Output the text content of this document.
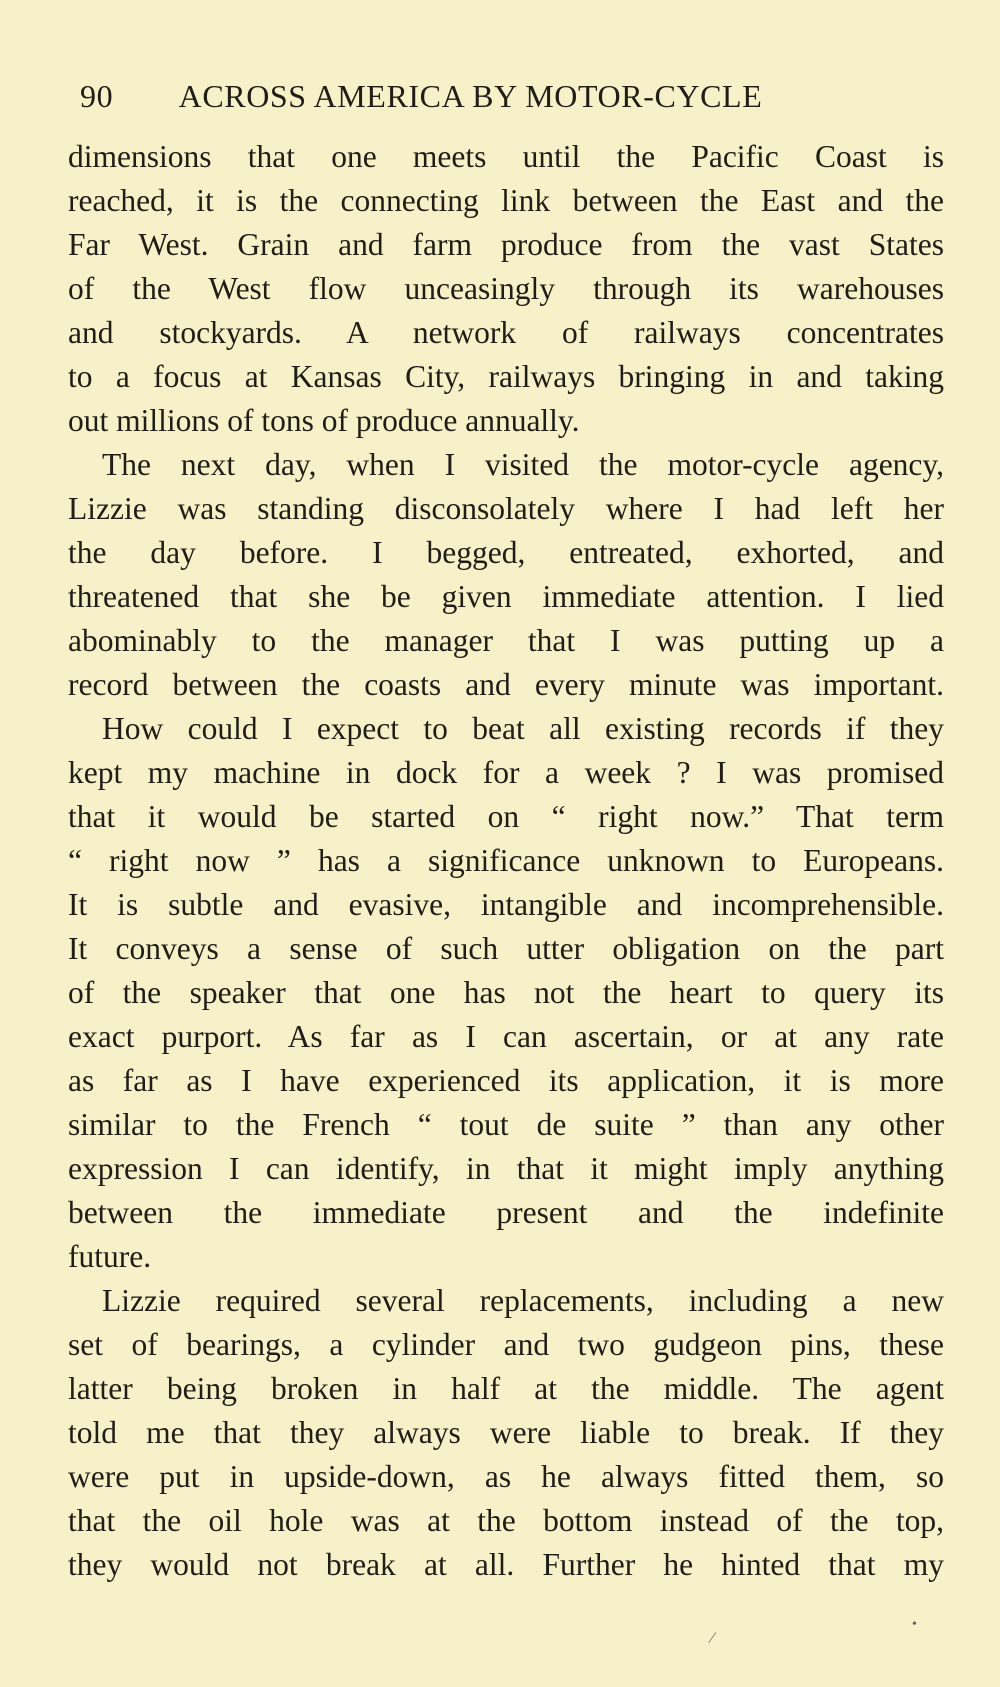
90 ACROSS AMERICA BY MOTOR-CYCLE
dimensions that one meets until the Pacific Coast is
reached, it is the connecting link between the East and the
Far West. Grain and farm produce from the vast States
of the West flow unceasingly through its warehouses
and stockyards. A network of railways concentrates
to a focus at Kansas City, railways bringing in and taking
out millions of tons of produce annually.
The next day, when I visited the motor-cycle agency,
Lizzie was standing disconsolately where I had left her
the day before. I begged, entreated, exhorted, and
threatened that she be given immediate attention. I lied
abominably to the manager that I was putting up a
record between the coasts and every minute was important.
How could I expect to beat all existing records if they
kept my machine in dock for a week ? I was promised
that it would be started on “ right now.” That term
“ right now ” has a significance unknown to Europeans.
It is subtle and evasive, intangible and incomprehensible.
It conveys a sense of such utter obligation on the part
of the speaker that one has not the heart to query its
exact purport. As far as I can ascertain, or at any rate
as far as I have experienced its application, it is more
similar to the French “ tout de suite ” than any other
expression I can identify, in that it might imply anything
between the immediate present and the indefinite
future.
Lizzie required several replacements, including a new
set of bearings, a cylinder and two gudgeon pins, these
latter being broken in half at the middle. The agent
told me that they always were liable to break. If they
were put in upside-down, as he always fitted them, so
that the oil hole was at the bottom instead of the top,
they would not break at all. Further he hinted that my
•
|
